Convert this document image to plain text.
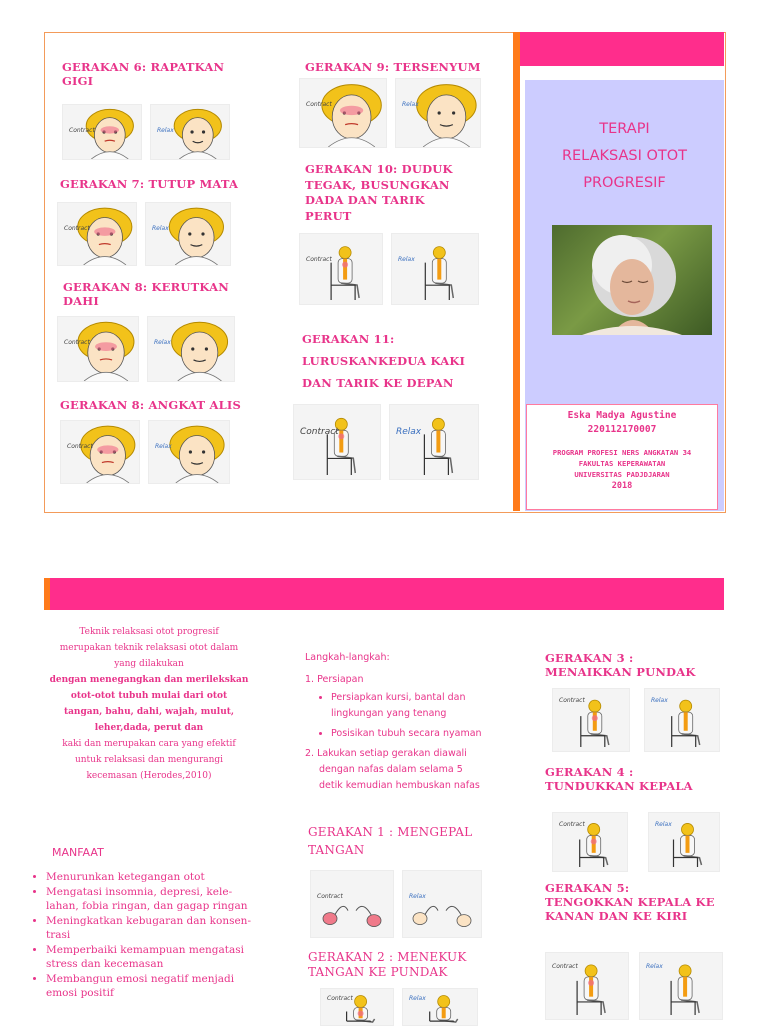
GERAKAN 6: RAPATKAN GIGI
Contract	Relax
GERAKAN 7: TUTUP MATA
Contract	Relax
GERAKAN 8: KERUTKAN DAHI
Contract	Relax
GERAKAN 8: ANGKAT ALIS
Contract	Relax
GERAKAN 9: TERSENYUM
Contract	Relax
GERAKAN 10: DUDUK TEGAK, BUSUNGKAN DADA DAN TARIK PERUT
Contract	Relax
GERAKAN 11: LURUSKANKEDUA KAKI DAN TARIK KE DEPAN
Contract	Relax
TERAPI
RELAKSASI OTOT
PROGRESIF
Eska Madya Agustine
220112170007
PROGRAM PROFESI NERS ANGKATAN 34
FAKULTAS KEPERAWATAN
UNIVERSITAS PADJDJARAN
2018
Teknik relaksasi otot progresif
merupakan teknik relaksasi otot dalam
yang dilakukan
dengan menegangkan dan merilekskan
otot-otot tubuh mulai dari otot
tangan, bahu, dahi, wajah, mulut,
leher,dada, perut dan
kaki dan merupakan cara yang efektif
untuk relaksasi dan mengurangi
kecemasan (Herodes,2010)
MANFAAT
• Menurunkan ketegangan otot
• Mengatasi insomnia, depresi, kele-lahan, fobia ringan, dan gagap ringan
• Meningkatkan kebugaran dan konsen-trasi
• Memperbaiki kemampuan mengatasi stress dan kecemasan
• Membangun emosi negatif menjadi emosi positif
Langkah-langkah:
1. Persiapan
• Persiapkan kursi, bantal dan lingkungan yang tenang
• Posisikan tubuh secara nyaman
2. Lakukan setiap gerakan diawali dengan nafas dalam selama 5 detik kemudian hembuskan nafas
GERAKAN 1 : MENGEPAL TANGAN
Contract	Relax
GERAKAN 2 : MENEKUK TANGAN KE PUNDAK
Contract	Relax
GERAKAN 3 : MENAIKKAN PUNDAK
Contract	Relax
GERAKAN 4 : TUNDUKKAN KEPALA
Contract	Relax
GERAKAN 5: TENGOKKAN KEPALA KE KANAN DAN KE KIRI
Contract	Relax
